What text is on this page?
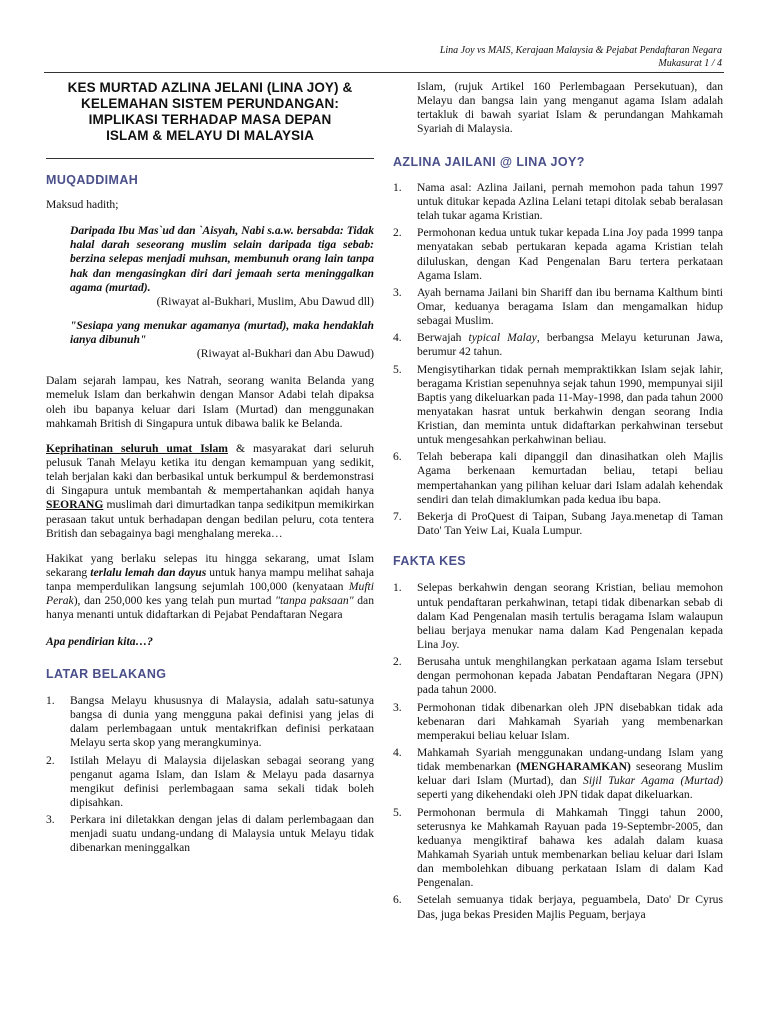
Lina Joy vs MAIS, Kerajaan Malaysia & Pejabat Pendaftaran Negara
Mukasurat 1 / 4
KES MURTAD AZLINA JELANI (LINA JOY) &
KELEMAHAN SISTEM PERUNDANGAN:
IMPLIKASI TERHADAP MASA DEPAN
ISLAM & MELAYU DI MALAYSIA
MUQADDIMAH

Maksud hadith;

Daripada Ibu Mas`ud dan `Aisyah, Nabi s.a.w. bersabda: Tidak halal darah seseorang muslim selain daripada tiga sebab: berzina selepas menjadi muhsan, membunuh orang lain tanpa hak dan mengasingkan diri dari jemaah serta meninggalkan agama (murtad).
(Riwayat al-Bukhari, Muslim, Abu Dawud dll)
"Sesiapa yang menukar agamanya (murtad), maka hendaklah ianya dibunuh"
(Riwayat al-Bukhari dan Abu Dawud)

Dalam sejarah lampau, kes Natrah, seorang wanita Belanda yang memeluk Islam dan berkahwin dengan Mansor Adabi telah dipaksa oleh ibu bapanya keluar dari Islam (Murtad) dan menggunakan mahkamah British di Singapura untuk dibawa balik ke Belanda.

Keprihatinan seluruh umat Islam & masyarakat dari seluruh pelusuk Tanah Melayu ketika itu dengan kemampuan yang sedikit, telah berjalan kaki dan berbasikal untuk berkumpul & berdemonstrasi di Singapura untuk membantah & mempertahankan aqidah hanya SEORANG muslimah dari dimurtadkan tanpa sedikitpun memikirkan perasaan takut untuk berhadapan dengan bedilan peluru, cota tentera British dan sebagainya bagi menghalang mereka…

Hakikat yang berlaku selepas itu hingga sekarang, umat Islam sekarang terlalu lemah dan dayus untuk hanya mampu melihat sahaja tanpa memperdulikan langsung sejumlah 100,000 (kenyataan Mufti Perak), dan 250,000 kes yang telah pun murtad "tanpa paksaan" dan hanya menanti untuk didaftarkan di Pejabat Pendaftaran Negara

Apa pendirian kita…?

LATAR BELAKANG
1. Bangsa Melayu khususnya di Malaysia, adalah satu-satunya bangsa di dunia yang mengguna pakai definisi yang jelas di dalam perlembagaan untuk mentakrifkan definisi perkataan Melayu serta skop yang merangkuminya.
2. Istilah Melayu di Malaysia dijelaskan sebagai seorang yang penganut agama Islam, dan Islam & Melayu pada dasarnya mengikut definisi perlembagaan sama sekali tidak boleh dipisahkan.
3. Perkara ini diletakkan dengan jelas di dalam perlembagaan dan menjadi suatu undang-undang di Malaysia untuk Melayu tidak dibenarkan meninggalkan

Islam, (rujuk Artikel 160 Perlembagaan Persekutuan), dan Melayu dan bangsa lain yang menganut agama Islam adalah tertakluk di bawah syariat Islam & perundangan Mahkamah Syariah di Malaysia.

AZLINA JAILANI @ LINA JOY?
1. Nama asal: Azlina Jailani, pernah memohon pada tahun 1997 untuk ditukar kepada Azlina Lelani tetapi ditolak sebab beralasan telah tukar agama Kristian.
2. Permohonan kedua untuk tukar kepada Lina Joy pada 1999 tanpa menyatakan sebab pertukaran kepada agama Kristian telah diluluskan, dengan Kad Pengenalan Baru tertera perkataan Agama Islam.
3. Ayah bernama Jailani bin Shariff dan ibu bernama Kalthum binti Omar, keduanya beragama Islam dan mengamalkan hidup sebagai Muslim.
4. Berwajah typical Malay, berbangsa Melayu keturunan Jawa, berumur 42 tahun.
5. Mengisytiharkan tidak pernah mempraktikkan Islam sejak lahir, beragama Kristian sepenuhnya sejak tahun 1990, mempunyai sijil Baptis yang dikeluarkan pada 11-May-1998, dan pada tahun 2000 menyatakan hasrat untuk berkahwin dengan seorang India Kristian, dan meminta untuk didaftarkan perkahwinan tersebut untuk mengesahkan perkahwinan beliau.
6. Telah beberapa kali dipanggil dan dinasihatkan oleh Majlis Agama berkenaan kemurtadan beliau, tetapi beliau mempertahankan yang pilihan keluar dari Islam adalah kehendak sendiri dan telah dimaklumkan pada kedua ibu bapa.
7. Bekerja di ProQuest di Taipan, Subang Jaya.menetap di Taman Dato' Tan Yeiw Lai, Kuala Lumpur.
FAKTA KES
1. Selepas berkahwin dengan seorang Kristian, beliau memohon untuk pendaftaran perkahwinan, tetapi tidak dibenarkan sebab di dalam Kad Pengenalan masih tertulis beragama Islam walaupun beliau berjaya menukar nama dalam Kad Pengenalan kepada Lina Joy.
2. Berusaha untuk menghilangkan perkataan agama Islam tersebut dengan permohonan kepada Jabatan Pendaftaran Negara (JPN) pada tahun 2000.
3. Permohonan tidak dibenarkan oleh JPN disebabkan tidak ada kebenaran dari Mahkamah Syariah yang membenarkan memperakui beliau keluar Islam.
4. Mahkamah Syariah menggunakan undang-undang Islam yang tidak membenarkan (MENGHARAMKAN) seseorang Muslim keluar dari Islam (Murtad), dan Sijil Tukar Agama (Murtad) seperti yang dikehendaki oleh JPN tidak dapat dikeluarkan.
5. Permohonan bermula di Mahkamah Tinggi tahun 2000, seterusnya ke Mahkamah Rayuan pada 19-Septembr-2005, dan keduanya mengiktiraf bahawa kes adalah dalam kuasa Mahkamah Syariah untuk membenarkan beliau keluar dari Islam dan membolehkan dibuang perkataan Islam di dalam Kad Pengenalan.
6. Setelah semuanya tidak berjaya, peguambela, Dato' Dr Cyrus Das, juga bekas Presiden Majlis Peguam, berjaya
